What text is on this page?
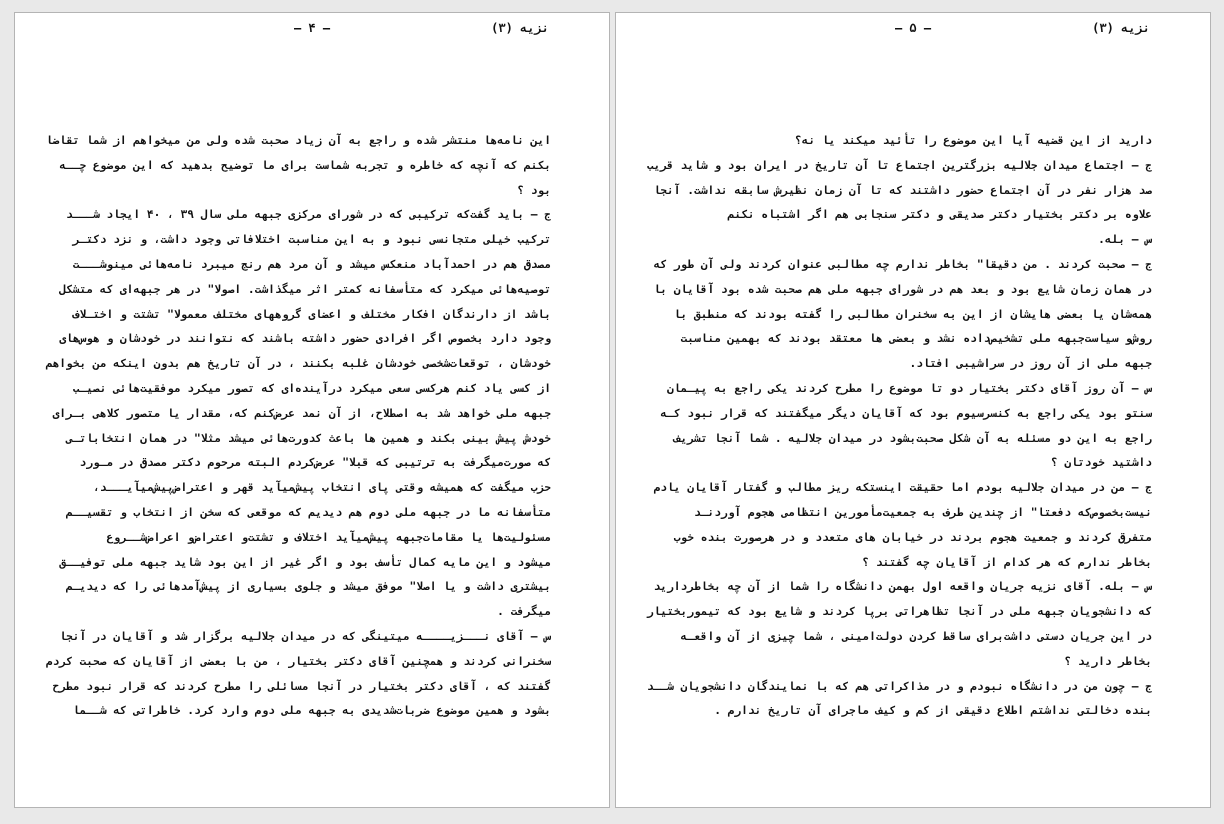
– ۴ –	نزیه (۳)
این نامه‌ها منتشر شده و راجع به آن زیاد صحبت شده ولی من میخواهم از شما تقاضا
بکنم که آنچه که خاطره و تجربه شماست برای ما توضیح بدهید که این موضوع چــه
بود ؟
ج – باید گفت‌که ترکیبی که در شورای مرکزی جبهه ملی سال ۳۹ ، ۴۰ ایجاد شـــد
ترکیب خیلی متجانسی نبود و به این مناسبت اختلافاتی وجود داشت، و نزد دکتـر
مصدق هم در احمدآباد منعکس میشد و آن مرد هم رنج میبرد نامه‌هائی مینوشـــت
توصیه‌هائی میکرد که متأسفانه کمتر اثر میگذاشت. اصولا" در هر جبهه‌ای که متشکل
باشد از دارندگان افکار مختلف و اعضای گروههای مختلف معمولا" تشتت و اختـلاف
وجود دارد بخصوص اگر افرادی حضور داشته باشند که نتوانند در خودشان و هوس‌های
خودشان ، توقعات‌شخصی خودشان غلبه بکنند ، در آن تاریخ هم بدون اینکه من بخواهم
از کسی یاد کنم هرکسی سعی میکرد درآینده‌ای که تصور میکرد موفقیت‌هائی نصیـب
جبهه ملی خواهد شد به اصطلاح، از آن نمد عرض‌کنم که، مقدار یا متصور کلاهی بـرای
خودش پیش بینی بکند و همین ها باعث کدورت‌هائی میشد مثلا" در همان انتخاباتـی
که صورت‌میگرفت به ترتیبی که قبلا" عرض‌کردم البته مرحوم دکتر مصدق در مـورد
حزب میگفت که همیشه وقتی پای انتخاب پیش‌میآید قهر و اعتراض‌پیش‌میآیـــد،
متأسفانه ما در جبهه ملی دوم هم دیدیم که موقعی که سخن از انتخاب و تقسیــم
مسئولیت‌ها یا مقامات‌جبهه پیش‌میآید اختلاف و تشتت‌و اعتراض‌و اعراض‌شــروع
میشود و این مایه کمال تأسف بود و اگر غیر از این بود شاید جبهه ملی توفیــق
بیشتری داشت و یا اصلا" موفق میشد و جلوی بسیاری از پیش‌آمدهائی را که دیدیـم
میگرفت .
س – آقای نـــزیــــه میتینگی که در میدان جلالیه برگزار شد و آقایان در آنجا
سخنرانی کردند و همچنین آقای دکتر بختیار ، من با بعضی از آقایان که صحبت کردم
گفتند که ، آقای دکتر بختیار در آنجا مسائلی را مطرح کردند که قرار نبود مطرح
بشود و همین موضوع ضربات‌شدیدی به جبهه ملی دوم وارد کرد. خاطراتی که شــما
– ۵ –	نزیه (۳)
دارید از این قضیه آیا این موضوع را تأئید میکند یا نه؟
ج – اجتماع میدان جلالیه بزرگترین اجتماع تا آن تاریخ در ایران بود و شاید قریب
صد هزار نفر در آن اجتماع حضور داشتند که تا آن زمان نظیرش سابقه نداشت. آنجا
علاوه بر دکتر بختیار دکتر صدیقی و دکتر سنجابی هم اگر اشتباه نکنم
س – بله.
ج – صحبت کردند . من دقیقا" بخاطر ندارم چه مطالبی عنوان کردند ولی آن طور که
در همان زمان شایع بود و بعد هم در شورای جبهه ملی هم صحبت شده بود آقایان با
همه‌شان یا بعضی هایشان از این به سخنران مطالبی را گفته بودند که منطبق با
روش‌و سیاست‌جبهه ملی تشخیص‌داده نشد و بعضی ها معتقد بودند که بهمین مناسبت
جبهه ملی از آن روز در سراشیبی افتاد.
س – آن روز آقای دکتر بختیار دو تا موضوع را مطرح کردند یکی راجع به پیـمان
سنتو بود یکی راجع به کنسرسیوم بود که آقایان دیگر میگفتند که قرار نبود کـه
راجع به این دو مسئله به آن شکل صحبت‌بشود در میدان جلالیه . شما آنجا تشریف
داشتید خودتان ؟
ج – من در میدان جلالیه بودم اما حقیقت اینستکه ریز مطالب و گفتار آقایان یادم
نیست‌بخصوص‌که دفعتا" از چندین طرف به جمعیت‌مأمورین انتظامی هجوم آوردنـد
متفرق کردند و جمعیت هجوم بردند در خیابان های متعدد و در هرصورت بنده خوب
بخاطر ندارم که هر کدام از آقایان چه گفتند ؟
س – بله. آقای نزیه جریان واقعه اول بهمن دانشگاه را شما از آن چه بخاطردارید
که دانشجویان جبهه ملی در آنجا تظاهراتی برپا کردند و شایع بود که تیموربختیار
در این جریان دستی داشت‌برای ساقط کردن دولت‌امینی ، شما چیزی از آن واقعـه
بخاطر دارید ؟
ج – چون من در دانشگاه نبودم و در مذاکراتی هم که با نمایندگان دانشجویان شــد
بنده دخالتی نداشتم اطلاع دقیقی از کم و کیف ماجرای آن تاریخ ندارم .
